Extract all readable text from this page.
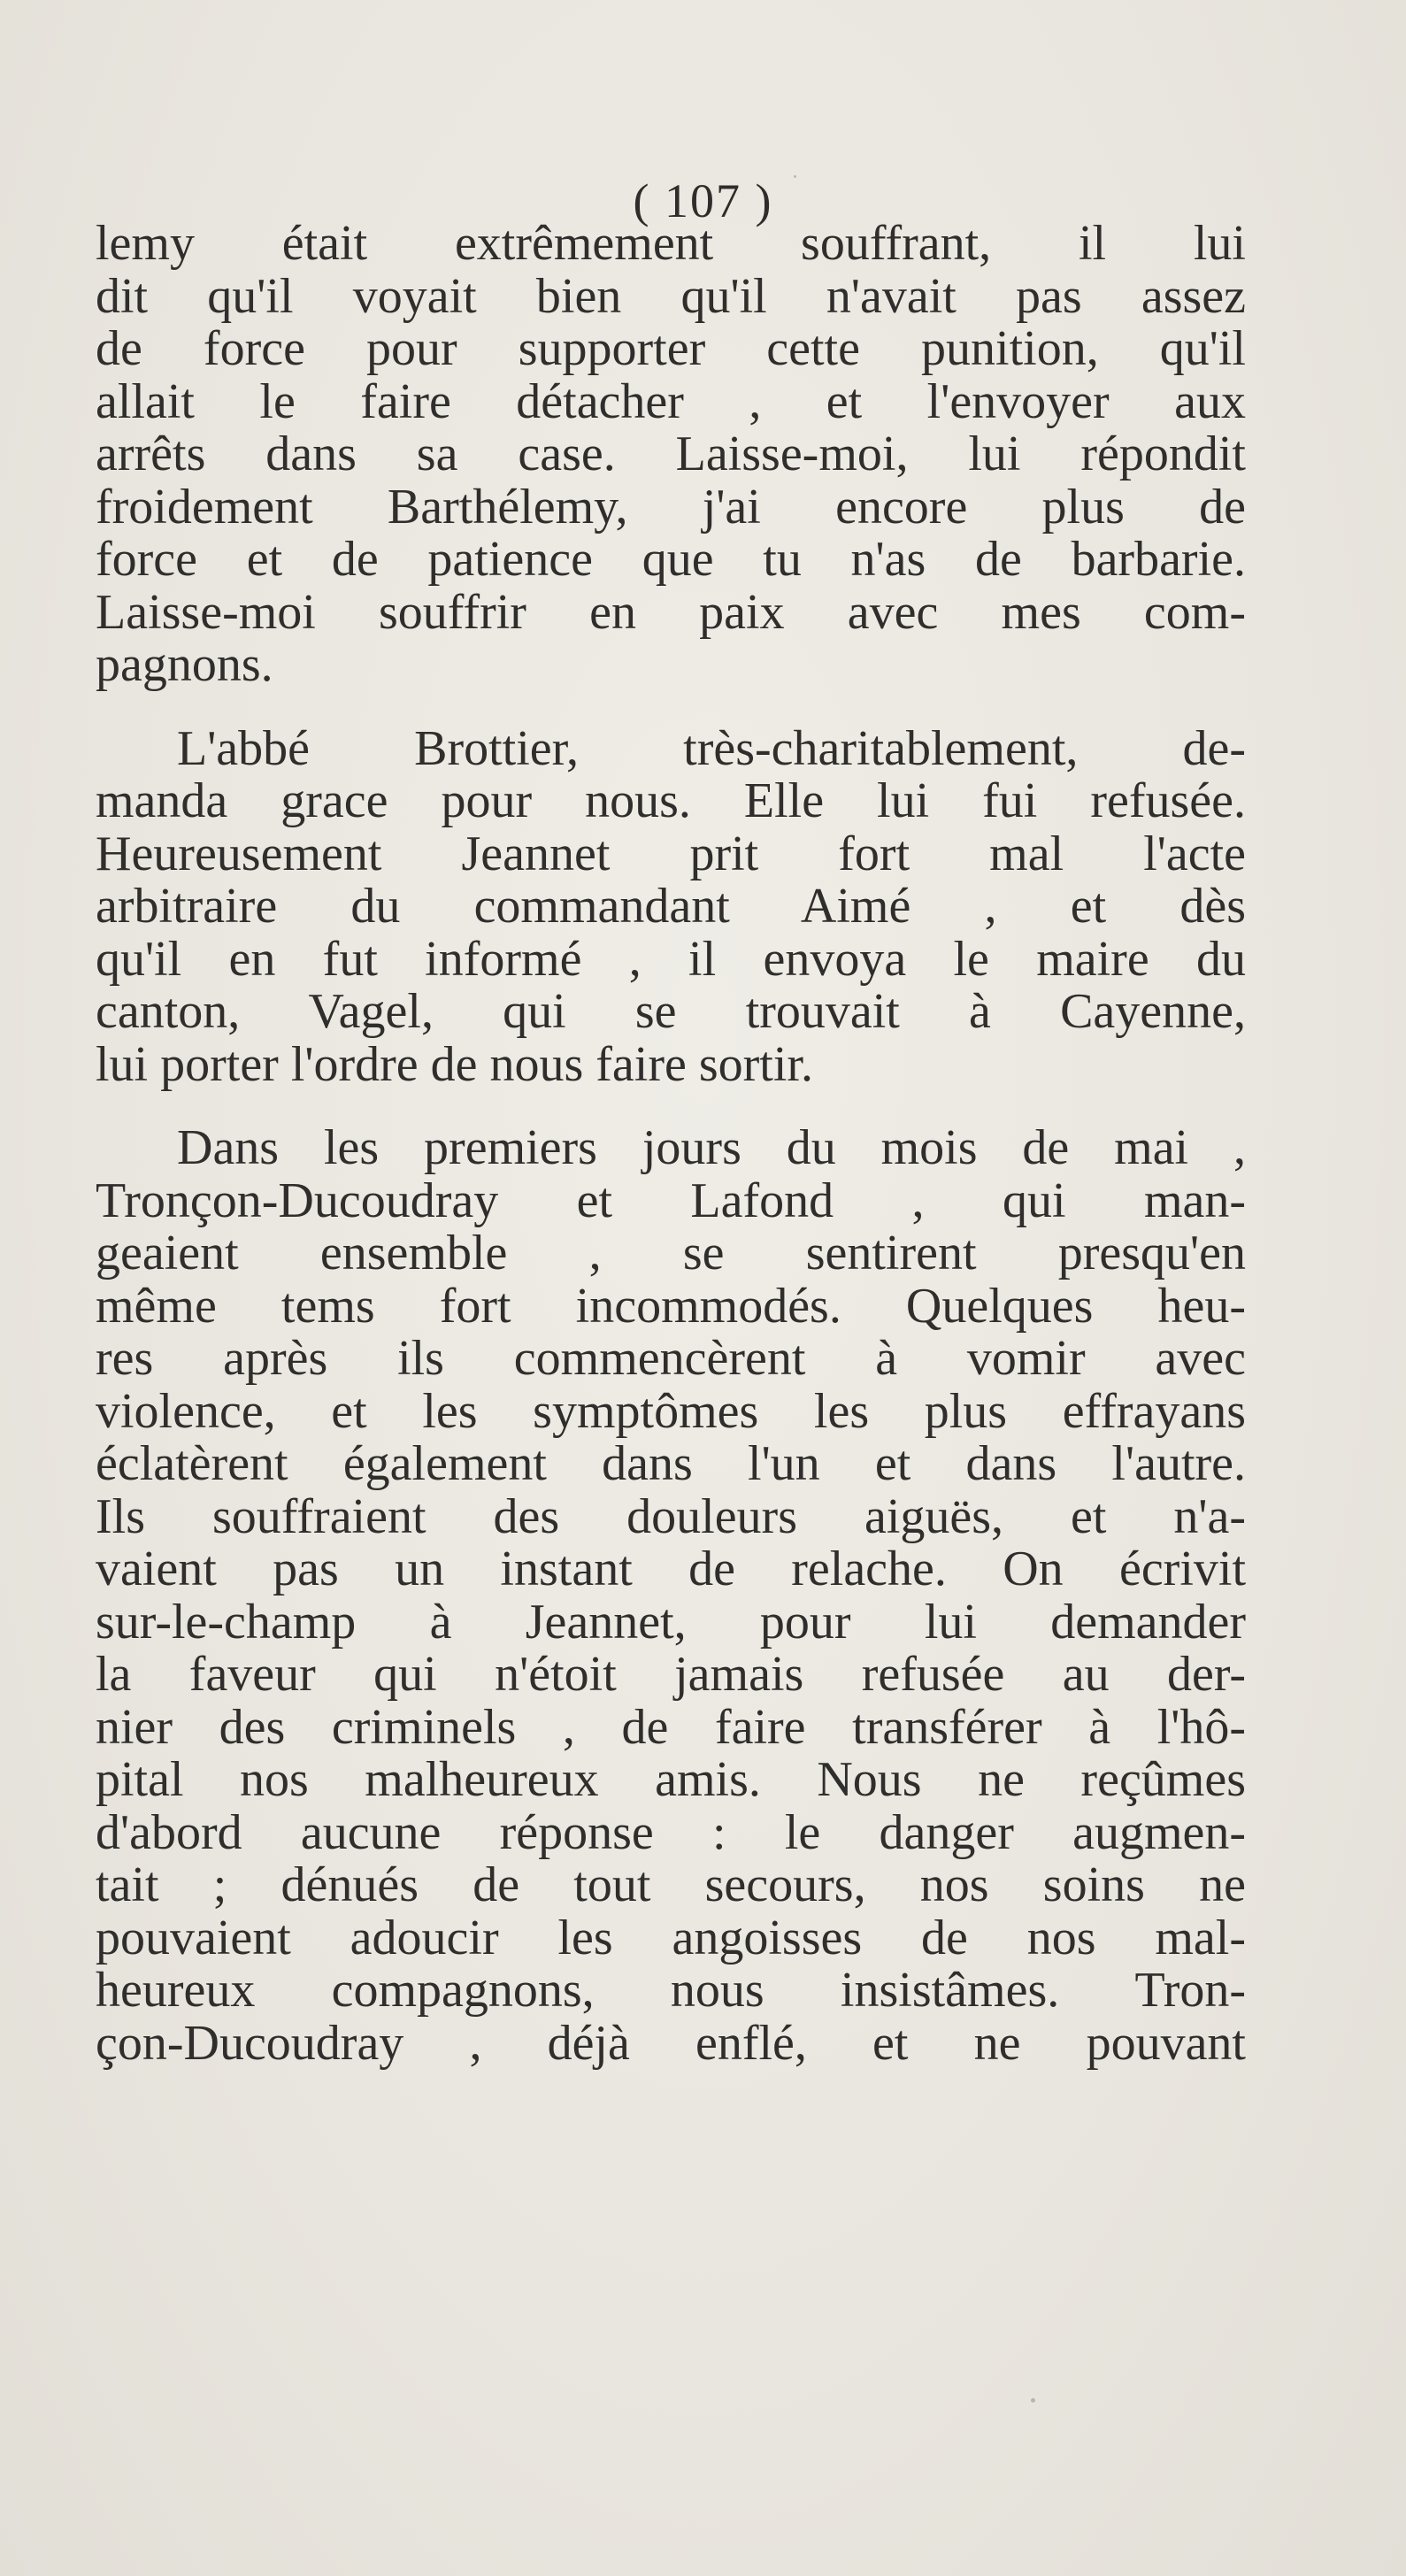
( 107 )
lemy était extrêmement souffrant, il lui
dit qu'il voyait bien qu'il n'avait pas assez
de force pour supporter cette punition, qu'il
allait le faire détacher , et l'envoyer aux
arrêts dans sa case. Laisse-moi, lui répondit
froidement Barthélemy, j'ai encore plus de
force et de patience que tu n'as de barbarie.
Laisse-moi souffrir en paix avec mes com-
pagnons.
L'abbé Brottier, très-charitablement, de-
manda grace pour nous. Elle lui fui refusée.
Heureusement Jeannet prit fort mal l'acte
arbitraire du commandant Aimé , et dès
qu'il en fut informé , il envoya le maire du
canton, Vagel, qui se trouvait à Cayenne,
lui porter l'ordre de nous faire sortir.
Dans les premiers jours du mois de mai ,
Tronçon-Ducoudray et Lafond , qui man-
geaient ensemble , se sentirent presqu'en
même tems fort incommodés. Quelques heu-
res après ils commencèrent à vomir avec
violence, et les symptômes les plus effrayans
éclatèrent également dans l'un et dans l'autre.
Ils souffraient des douleurs aiguës, et n'a-
vaient pas un instant de relache. On écrivit
sur-le-champ à Jeannet, pour lui demander
la faveur qui n'étoit jamais refusée au der-
nier des criminels , de faire transférer à l'hô-
pital nos malheureux amis. Nous ne reçûmes
d'abord aucune réponse : le danger augmen-
tait ; dénués de tout secours, nos soins ne
pouvaient adoucir les angoisses de nos mal-
heureux compagnons, nous insistâmes. Tron-
çon-Ducoudray , déjà enflé, et ne pouvant
